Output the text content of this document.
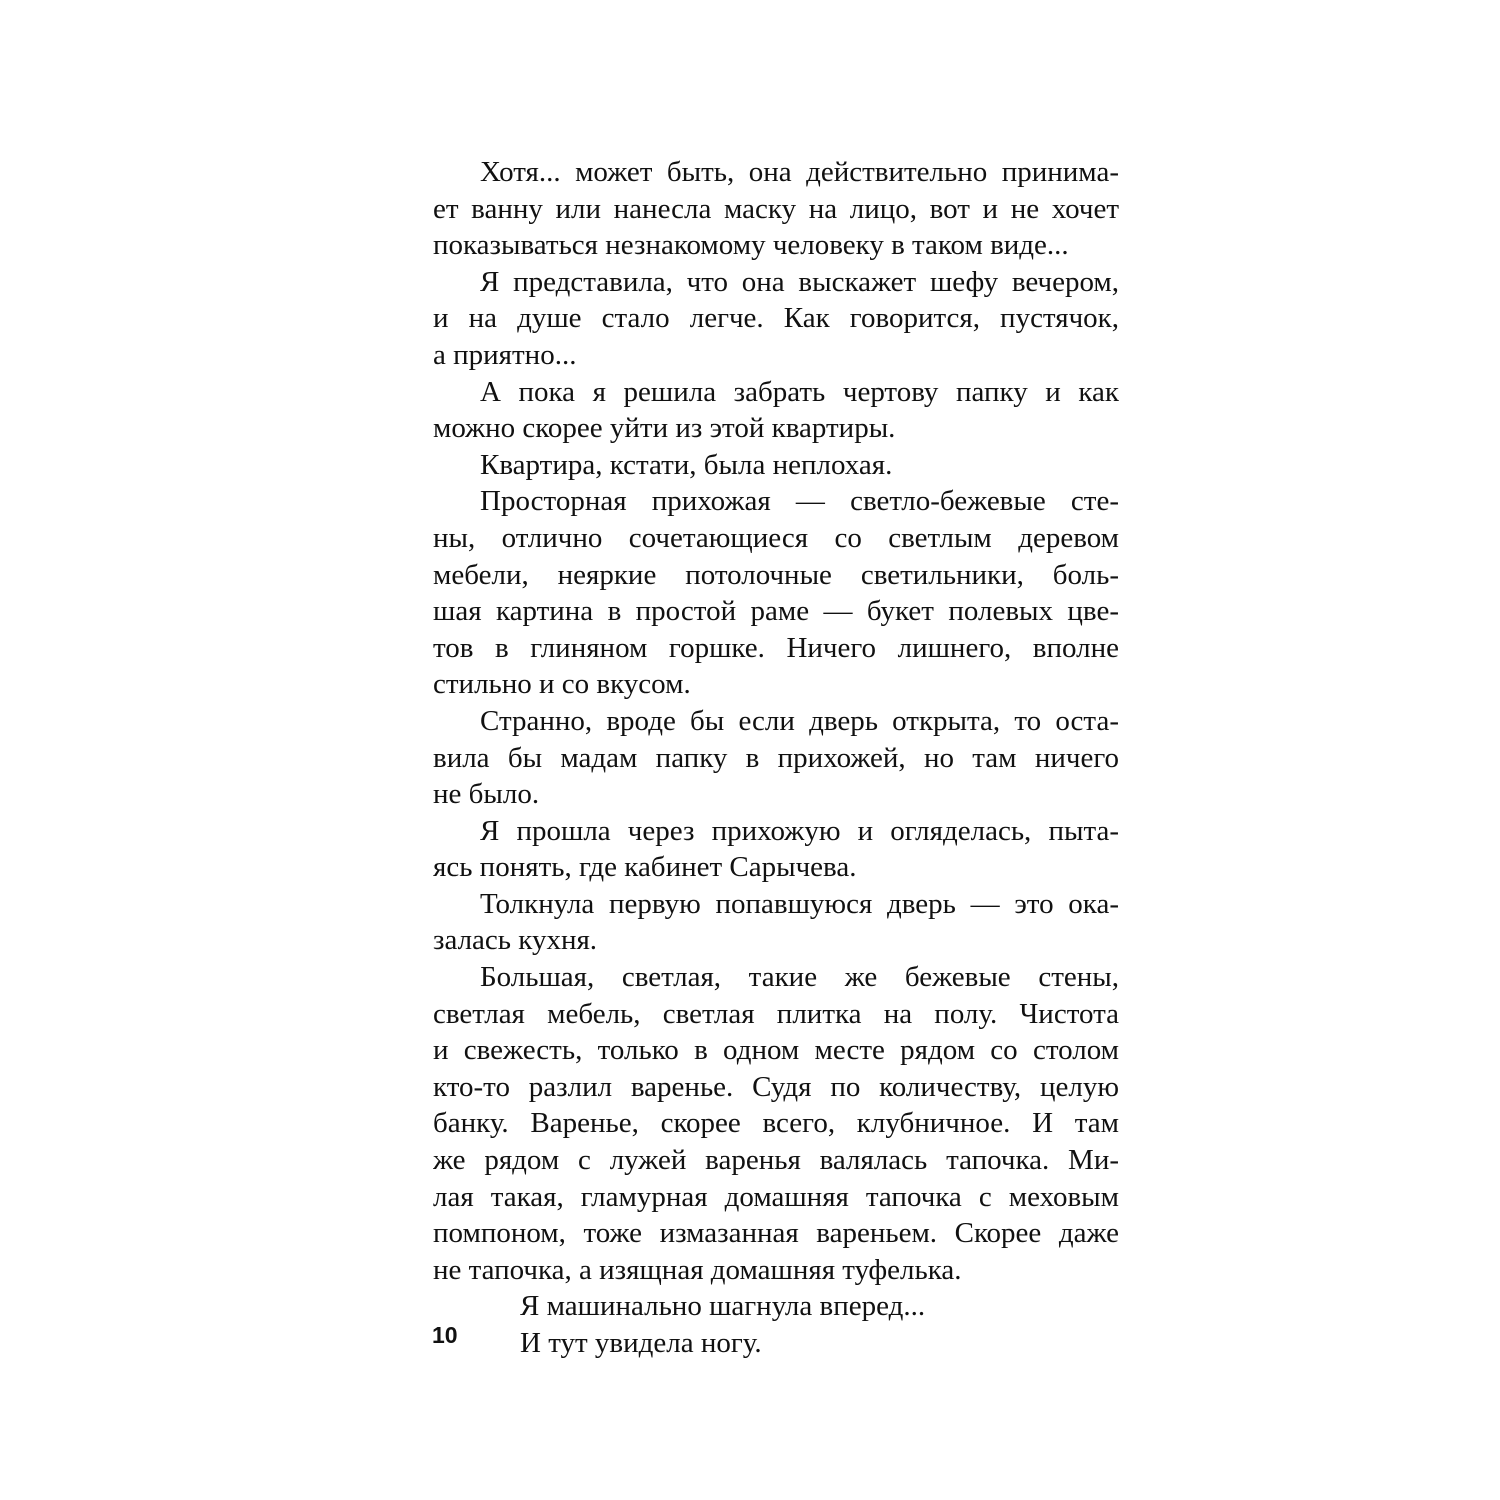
Хотя... может быть, она действительно принима-
ет ванну или нанесла маску на лицо, вот и не хочет
показываться незнакомому человеку в таком виде...
Я представила, что она выскажет шефу вечером,
и на душе стало легче. Как говорится, пустячок,
а приятно...
А пока я решила забрать чертову папку и как
можно скорее уйти из этой квартиры.
Квартира, кстати, была неплохая.
Просторная прихожая — светло-бежевые сте-
ны, отлично сочетающиеся со светлым деревом
мебели, неяркие потолочные светильники, боль-
шая картина в простой раме — букет полевых цве-
тов в глиняном горшке. Ничего лишнего, вполне
стильно и со вкусом.
Странно, вроде бы если дверь открыта, то оста-
вила бы мадам папку в прихожей, но там ничего
не было.
Я прошла через прихожую и огляделась, пыта-
ясь понять, где кабинет Сарычева.
Толкнула первую попавшуюся дверь — это ока-
залась кухня.
Большая, светлая, такие же бежевые стены,
светлая мебель, светлая плитка на полу. Чистота
и свежесть, только в одном месте рядом со столом
кто-то разлил варенье. Судя по количеству, целую
банку. Варенье, скорее всего, клубничное. И там
же рядом с лужей варенья валялась тапочка. Ми-
лая такая, гламурная домашняя тапочка с меховым
помпоном, тоже измазанная вареньем. Скорее даже
не тапочка, а изящная домашняя туфелька.
Я машинально шагнула вперед...
И тут увидела ногу.
10
